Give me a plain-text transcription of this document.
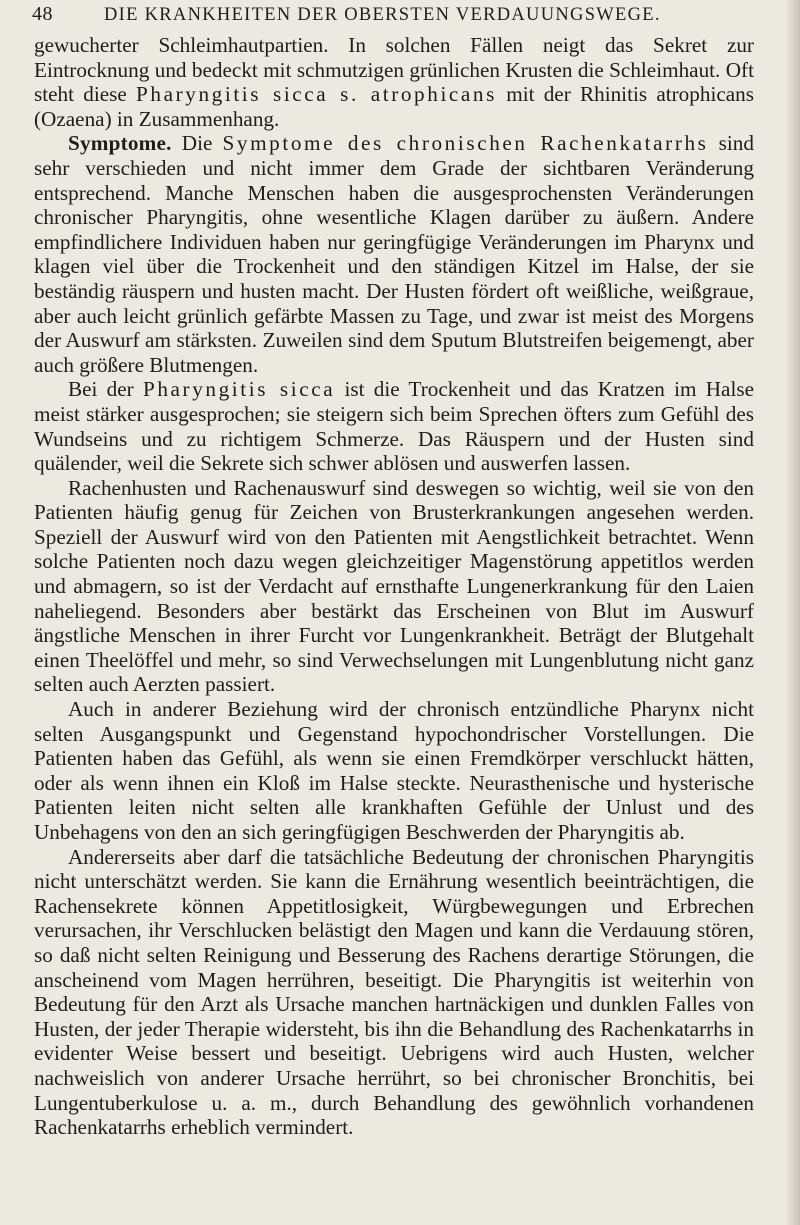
48	DIE KRANKHEITEN DER OBERSTEN VERDAUUNGSWEGE.

gewucherter Schleimhautpartien. In solchen Fällen neigt das Sekret zur Eintrocknung und bedeckt mit schmutzigen grünlichen Krusten die Schleimhaut. Oft steht diese Pharyngitis sicca s. atrophicans mit der Rhinitis atrophicans (Ozaena) in Zusammenhang.

Symptome. Die Symptome des chronischen Rachenkatarrhs sind sehr verschieden und nicht immer dem Grade der sichtbaren Veränderung entsprechend. Manche Menschen haben die ausgesprochensten Veränderungen chronischer Pharyngitis, ohne wesentliche Klagen darüber zu äußern. Andere empfindlichere Individuen haben nur geringfügige Veränderungen im Pharynx und klagen viel über die Trockenheit und den ständigen Kitzel im Halse, der sie beständig räuspern und husten macht. Der Husten fördert oft weißliche, weißgraue, aber auch leicht grünlich gefärbte Massen zu Tage, und zwar ist meist des Morgens der Auswurf am stärksten. Zuweilen sind dem Sputum Blutstreifen beigemengt, aber auch größere Blutmengen.

Bei der Pharyngitis sicca ist die Trockenheit und das Kratzen im Halse meist stärker ausgesprochen; sie steigern sich beim Sprechen öfters zum Gefühl des Wundseins und zu richtigem Schmerze. Das Räuspern und der Husten sind quälender, weil die Sekrete sich schwer ablösen und auswerfen lassen.

Rachenhusten und Rachenauswurf sind deswegen so wichtig, weil sie von den Patienten häufig genug für Zeichen von Brusterkrankungen angesehen werden. Speziell der Auswurf wird von den Patienten mit Aengstlichkeit betrachtet. Wenn solche Patienten noch dazu wegen gleichzeitiger Magenstörung appetitlos werden und abmagern, so ist der Verdacht auf ernsthafte Lungenerkrankung für den Laien naheliegend. Besonders aber bestärkt das Erscheinen von Blut im Auswurf ängstliche Menschen in ihrer Furcht vor Lungenkrankheit. Beträgt der Blutgehalt einen Theelöffel und mehr, so sind Verwechselungen mit Lungenblutung nicht ganz selten auch Aerzten passiert.

Auch in anderer Beziehung wird der chronisch entzündliche Pharynx nicht selten Ausgangspunkt und Gegenstand hypochondrischer Vorstellungen. Die Patienten haben das Gefühl, als wenn sie einen Fremdkörper verschluckt hätten, oder als wenn ihnen ein Kloß im Halse steckte. Neurasthenische und hysterische Patienten leiten nicht selten alle krankhaften Gefühle der Unlust und des Unbehagens von den an sich geringfügigen Beschwerden der Pharyngitis ab.

Andererseits aber darf die tatsächliche Bedeutung der chronischen Pharyngitis nicht unterschätzt werden. Sie kann die Ernährung wesentlich beeinträchtigen, die Rachensekrete können Appetitlosigkeit, Würgbewegungen und Erbrechen verursachen, ihr Verschlucken belästigt den Magen und kann die Verdauung stören, so daß nicht selten Reinigung und Besserung des Rachens derartige Störungen, die anscheinend vom Magen herrühren, beseitigt. Die Pharyngitis ist weiterhin von Bedeutung für den Arzt als Ursache manchen hartnäckigen und dunklen Falles von Husten, der jeder Therapie widersteht, bis ihn die Behandlung des Rachenkatarrhs in evidenter Weise bessert und beseitigt. Uebrigens wird auch Husten, welcher nachweislich von anderer Ursache herrührt, so bei chronischer Bronchitis, bei Lungentuberkulose u. a. m., durch Behandlung des gewöhnlich vorhandenen Rachenkatarrhs erheblich vermindert.
